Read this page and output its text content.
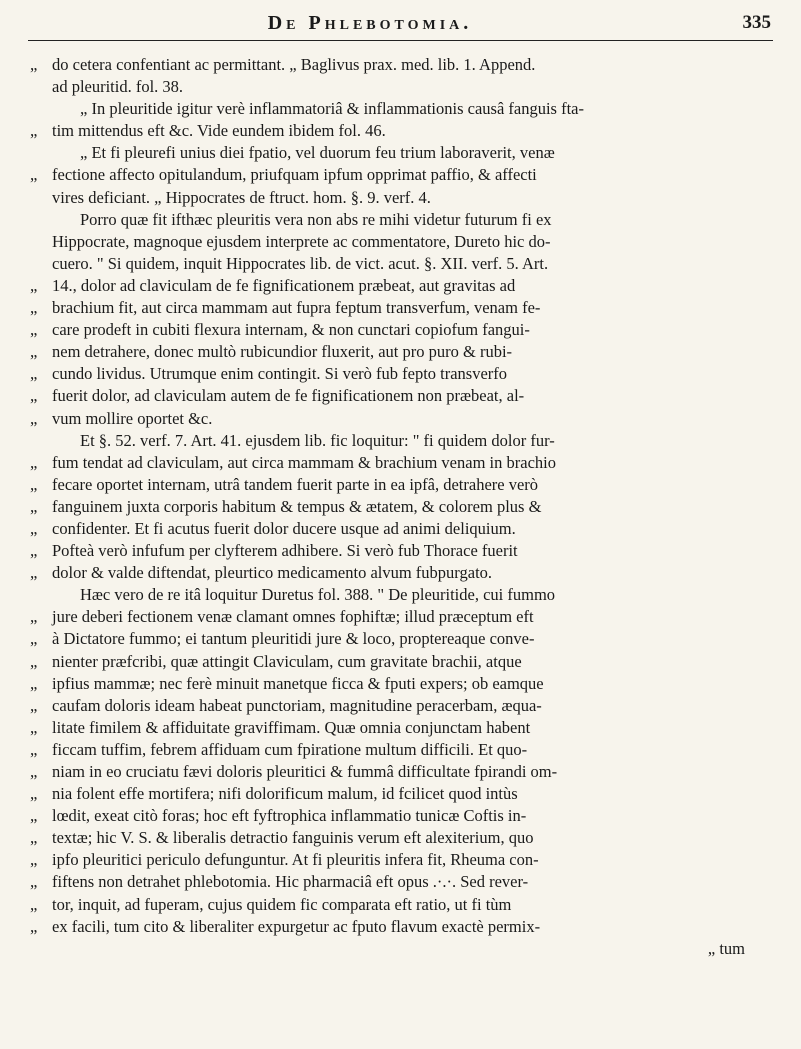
De Phlebotomia.	335
„ do cetera confentiant ac permittant. „ Baglivus prax. med. lib. 1. Append.
ad pleuritid. fol. 38.
„ In pleuritide igitur verè inflammatoriâ & inflammationis causâ fanguis fta-
„ tim mittendus eft &c. Vide eundem ibidem fol. 46.
„ Et fi pleurefi unius diei fpatio, vel duorum feu trium laboraverit, venæ
„ fectione affecto opitulandum, priufquam ipfum opprimat paffio, & affecti
vires deficiant. „ Hippocrates de ftruct. hom. §. 9. verf. 4.
Porro quæ fit ifthæc pleuritis vera non abs re mihi videtur futurum fi ex
Hippocrate, magnoque ejusdem interprete ac commentatore, Dureto hic do-
cuero. " Si quidem, inquit Hippocrates lib. de vict. acut. §. XII. verf. 5. Art.
„ 14., dolor ad claviculam de fe fignificationem præbeat, aut gravitas ad
„ brachium fit, aut circa mammam aut fupra feptum transverfum, venam fe-
„ care prodeft in cubiti flexura internam, & non cunctari copiofum fangui-
„ nem detrahere, donec multò rubicundior fluxerit, aut pro puro & rubi-
„ cundo lividus. Utrumque enim contingit. Si verò fub fepto transverfo
„ fuerit dolor, ad claviculam autem de fe fignificationem non præbeat, al-
„ vum mollire oportet &c.
Et §. 52. verf. 7. Art. 41. ejusdem lib. fic loquitur: " fi quidem dolor fur-
„ fum tendat ad claviculam, aut circa mammam & brachium venam in brachio
„ fecare oportet internam, utrâ tandem fuerit parte in ea ipfâ, detrahere verò
„ fanguinem juxta corporis habitum & tempus & ætatem, & colorem plus &
„ confidenter. Et fi acutus fuerit dolor ducere usque ad animi deliquium.
„ Pofteà verò infufum per clyfterem adhibere. Si verò fub Thorace fuerit
„ dolor & valde diftendat, pleurtico medicamento alvum fubpurgato.
Hæc vero de re itâ loquitur Duretus fol. 388. " De pleuritide, cui fummo
„ jure deberi fectionem venæ clamant omnes fophiftæ; illud præceptum eft
„ à Dictatore fummo; ei tantum pleuritidi jure & loco, proptereaque conve-
„ nienter præfcribi, quæ attingit Claviculam, cum gravitate brachii, atque
„ ipfius mammæ; nec ferè minuit manetque ficca & fputi expers; ob eamque
„ caufam doloris ideam habeat punctoriam, magnitudine peracerbam, æqua-
„ litate fimilem & affiduitate graviffimam. Quæ omnia conjunctam habent
„ ficcam tuffim, febrem affiduam cum fpiratione multum difficili. Et quo-
„ niam in eo cruciatu fævi doloris pleuritici & fummâ difficultate fpirandi om-
„ nia folent effe mortifera; nifi dolorificum malum, id fcilicet quod intùs
„ lœdit, exeat citò foras; hoc eft fyftrophica inflammatio tunicæ Coftis in-
„ textæ; hic V. S. & liberalis detractio fanguinis verum eft alexiterium, quo
„ ipfo pleuritici periculo defunguntur. At fi pleuritis infera fit, Rheuma con-
„ fiftens non detrahet phlebotomia. Hic pharmaciâ eft opus .·.·. Sed rever-
„ tor, inquit, ad fuperam, cujus quidem fic comparata eft ratio, ut fi tùm
„ ex facili, tum cito & liberaliter expurgetur ac fputo flavum exactè permix-
„ tum
